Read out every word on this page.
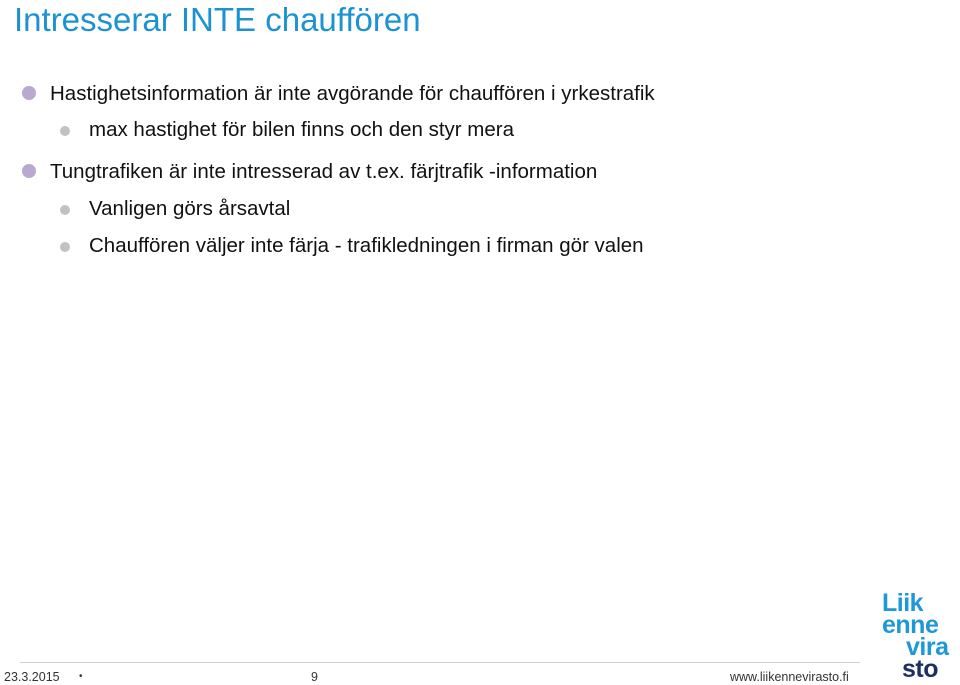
Intresserar INTE chauffören
Hastighetsinformation är inte avgörande för chauffören i yrkestrafik
max hastighet för bilen finns och den styr mera
Tungtrafiken är inte intresserad av t.ex. färjtrafik -information
Vanligen görs årsavtal
Chauffören väljer inte färja - trafikledningen i firman gör valen
23.3.2015 •	9	www.liikennevirasto.fi
Liik
enne
vira
sto
